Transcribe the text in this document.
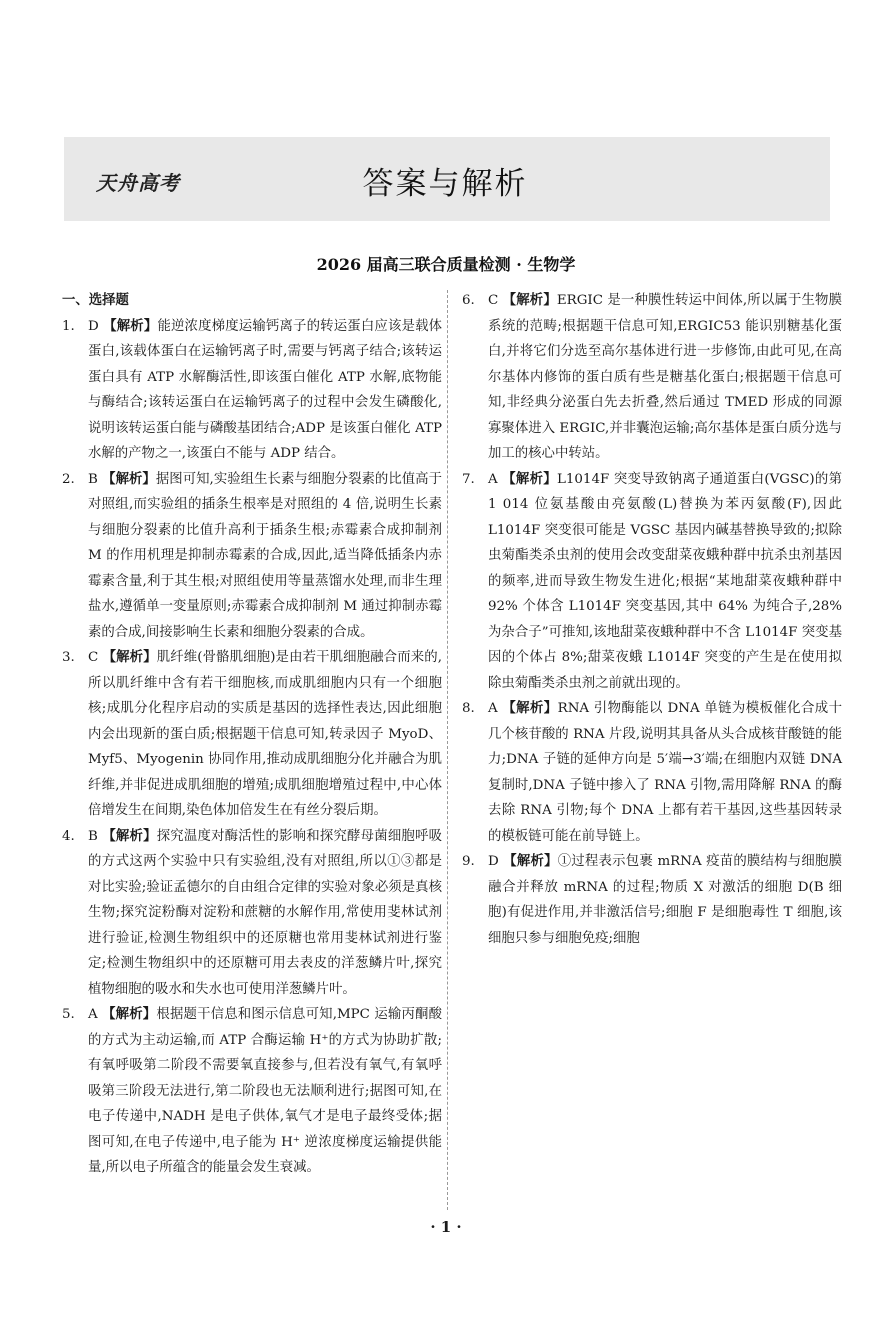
天舟高考	答案与解析
2026 届高三联合质量检测 · 生物学
一、选择题

1. D 【解析】能逆浓度梯度运输钙离子的转运蛋白应该是载体蛋白,该载体蛋白在运输钙离子时,需要与钙离子结合;该转运蛋白具有 ATP 水解酶活性,即该蛋白催化 ATP 水解,底物能与酶结合;该转运蛋白在运输钙离子的过程中会发生磷酸化,说明该转运蛋白能与磷酸基团结合;ADP 是该蛋白催化 ATP 水解的产物之一,该蛋白不能与 ADP 结合。

2. B 【解析】据图可知,实验组生长素与细胞分裂素的比值高于对照组,而实验组的插条生根率是对照组的 4 倍,说明生长素与细胞分裂素的比值升高利于插条生根;赤霉素合成抑制剂 M 的作用机理是抑制赤霉素的合成,因此,适当降低插条内赤霉素含量,利于其生根;对照组使用等量蒸馏水处理,而非生理盐水,遵循单一变量原则;赤霉素合成抑制剂 M 通过抑制赤霉素的合成,间接影响生长素和细胞分裂素的合成。

3. C 【解析】肌纤维(骨骼肌细胞)是由若干肌细胞融合而来的,所以肌纤维中含有若干细胞核,而成肌细胞内只有一个细胞核;成肌分化程序启动的实质是基因的选择性表达,因此细胞内会出现新的蛋白质;根据题干信息可知,转录因子 MyoD、Myf5、Myogenin 协同作用,推动成肌细胞分化并融合为肌纤维,并非促进成肌细胞的增殖;成肌细胞增殖过程中,中心体倍增发生在间期,染色体加倍发生在有丝分裂后期。

4. B 【解析】探究温度对酶活性的影响和探究酵母菌细胞呼吸的方式这两个实验中只有实验组,没有对照组,所以①③都是对比实验;验证孟德尔的自由组合定律的实验对象必须是真核生物;探究淀粉酶对淀粉和蔗糖的水解作用,常使用斐林试剂进行验证,检测生物组织中的还原糖也常用斐林试剂进行鉴定;检测生物组织中的还原糖可用去表皮的洋葱鳞片叶,探究植物细胞的吸水和失水也可使用洋葱鳞片叶。

5. A 【解析】根据题干信息和图示信息可知,MPC 运输丙酮酸的方式为主动运输,而 ATP 合酶运输 H⁺的方式为协助扩散;有氧呼吸第二阶段不需要氧直接参与,但若没有氧气,有氧呼吸第三阶段无法进行,第二阶段也无法顺利进行;据图可知,在电子传递中,NADH 是电子供体,氧气才是电子最终受体;据图可知,在电子传递中,电子能为 H⁺ 逆浓度梯度运输提供能量,所以电子所蕴含的能量会发生衰减。

6. C 【解析】ERGIC 是一种膜性转运中间体,所以属于生物膜系统的范畴;根据题干信息可知,ERGIC53 能识别糖基化蛋白,并将它们分选至高尔基体进行进一步修饰,由此可见,在高尔基体内修饰的蛋白质有些是糖基化蛋白;根据题干信息可知,非经典分泌蛋白先去折叠,然后通过 TMED 形成的同源寡聚体进入 ERGIC,并非囊泡运输;高尔基体是蛋白质分选与加工的核心中转站。

7. A 【解析】L1014F 突变导致钠离子通道蛋白(VGSC)的第 1 014 位氨基酸由亮氨酸(L)替换为苯丙氨酸(F),因此 L1014F 突变很可能是 VGSC 基因内碱基替换导致的;拟除虫菊酯类杀虫剂的使用会改变甜菜夜蛾种群中抗杀虫剂基因的频率,进而导致生物发生进化;根据“某地甜菜夜蛾种群中 92% 个体含 L1014F 突变基因,其中 64% 为纯合子,28% 为杂合子”可推知,该地甜菜夜蛾种群中不含 L1014F 突变基因的个体占 8%;甜菜夜蛾 L1014F 突变的产生是在使用拟除虫菊酯类杀虫剂之前就出现的。

8. A 【解析】RNA 引物酶能以 DNA 单链为模板催化合成十几个核苷酸的 RNA 片段,说明其具备从头合成核苷酸链的能力;DNA 子链的延伸方向是 5′端→3′端;在细胞内双链 DNA 复制时,DNA 子链中掺入了 RNA 引物,需用降解 RNA 的酶去除 RNA 引物;每个 DNA 上都有若干基因,这些基因转录的模板链可能在前导链上。

9. D 【解析】①过程表示包裹 mRNA 疫苗的膜结构与细胞膜融合并释放 mRNA 的过程;物质 X 对激活的细胞 D(B 细胞)有促进作用,并非激活信号;细胞 F 是细胞毒性 T 细胞,该细胞只参与细胞免疫;细胞

· 1 ·
